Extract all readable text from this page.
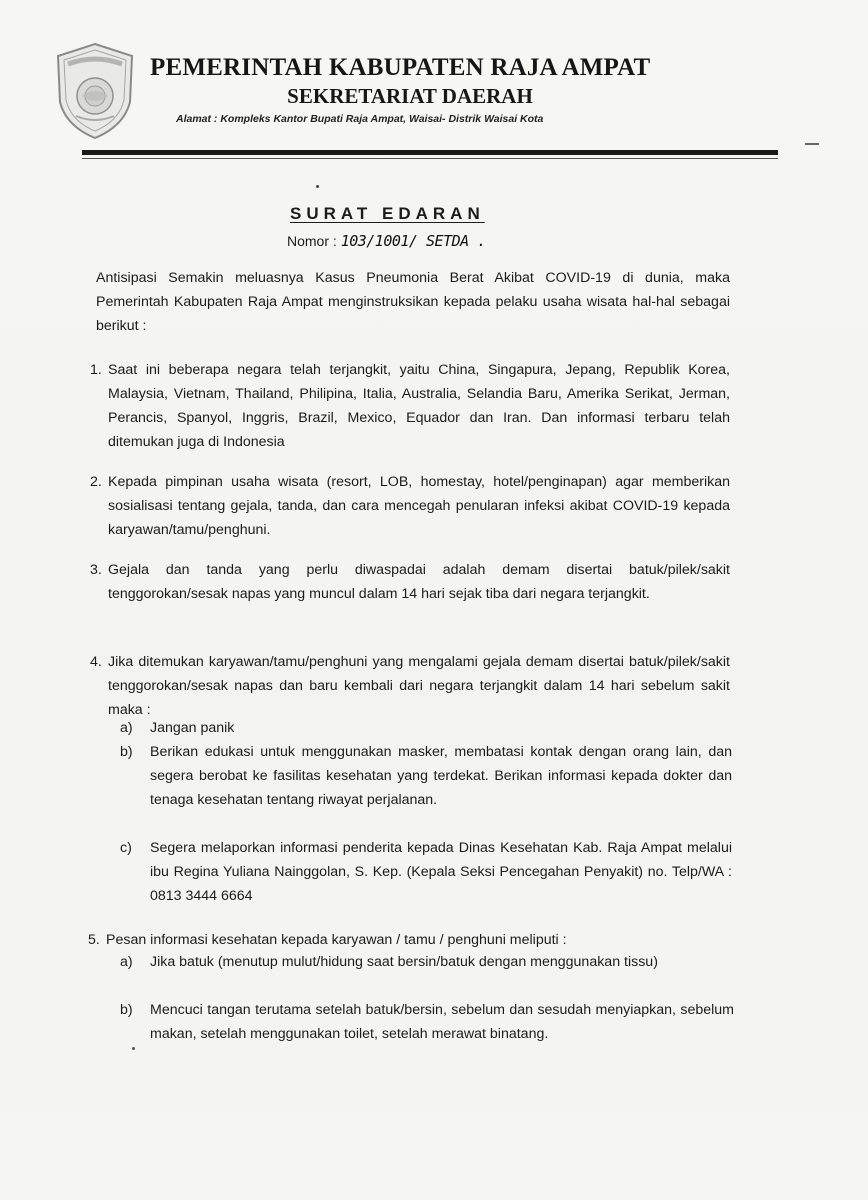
PEMERINTAH KABUPATEN RAJA AMPAT
SEKRETARIAT DAERAH
Alamat : Kompleks Kantor Bupati Raja Ampat, Waisai- Distrik Waisai Kota
SURAT EDARAN
Nomor : 103/1001/ SETDA .
Antisipasi Semakin meluasnya Kasus Pneumonia Berat Akibat COVID-19 di dunia, maka Pemerintah Kabupaten Raja Ampat menginstruksikan kepada pelaku usaha wisata hal-hal sebagai berikut :
1. Saat ini beberapa negara telah terjangkit, yaitu China, Singapura, Jepang, Republik Korea, Malaysia, Vietnam, Thailand, Philipina, Italia, Australia, Selandia Baru, Amerika Serikat, Jerman, Perancis, Spanyol, Inggris, Brazil, Mexico, Equador dan Iran. Dan informasi terbaru telah ditemukan juga di Indonesia
2. Kepada pimpinan usaha wisata (resort, LOB, homestay, hotel/penginapan) agar memberikan sosialisasi tentang gejala, tanda, dan cara mencegah penularan infeksi akibat COVID-19 kepada karyawan/tamu/penghuni.
3. Gejala dan tanda yang perlu diwaspadai adalah demam disertai batuk/pilek/sakit tenggorokan/sesak napas yang muncul dalam 14 hari sejak tiba dari negara terjangkit.
4. Jika ditemukan karyawan/tamu/penghuni yang mengalami gejala demam disertai batuk/pilek/sakit tenggorokan/sesak napas dan baru kembali dari negara terjangkit dalam 14 hari sebelum sakit maka :
a)	Jangan panik
b)	Berikan edukasi untuk menggunakan masker, membatasi kontak dengan orang lain, dan segera berobat ke fasilitas kesehatan yang terdekat. Berikan informasi kepada dokter dan tenaga kesehatan tentang riwayat perjalanan.
c)	Segera melaporkan informasi penderita kepada Dinas Kesehatan Kab. Raja Ampat melalui ibu Regina Yuliana Nainggolan, S. Kep. (Kepala Seksi Pencegahan Penyakit) no. Telp/WA : 0813 3444 6664
5. Pesan informasi kesehatan kepada karyawan / tamu / penghuni meliputi :
a)	Jika batuk (menutup mulut/hidung saat bersin/batuk dengan menggunakan tissu)
b)	Mencuci tangan terutama setelah batuk/bersin, sebelum dan sesudah menyiapkan, sebelum makan, setelah menggunakan toilet, setelah merawat binatang.
